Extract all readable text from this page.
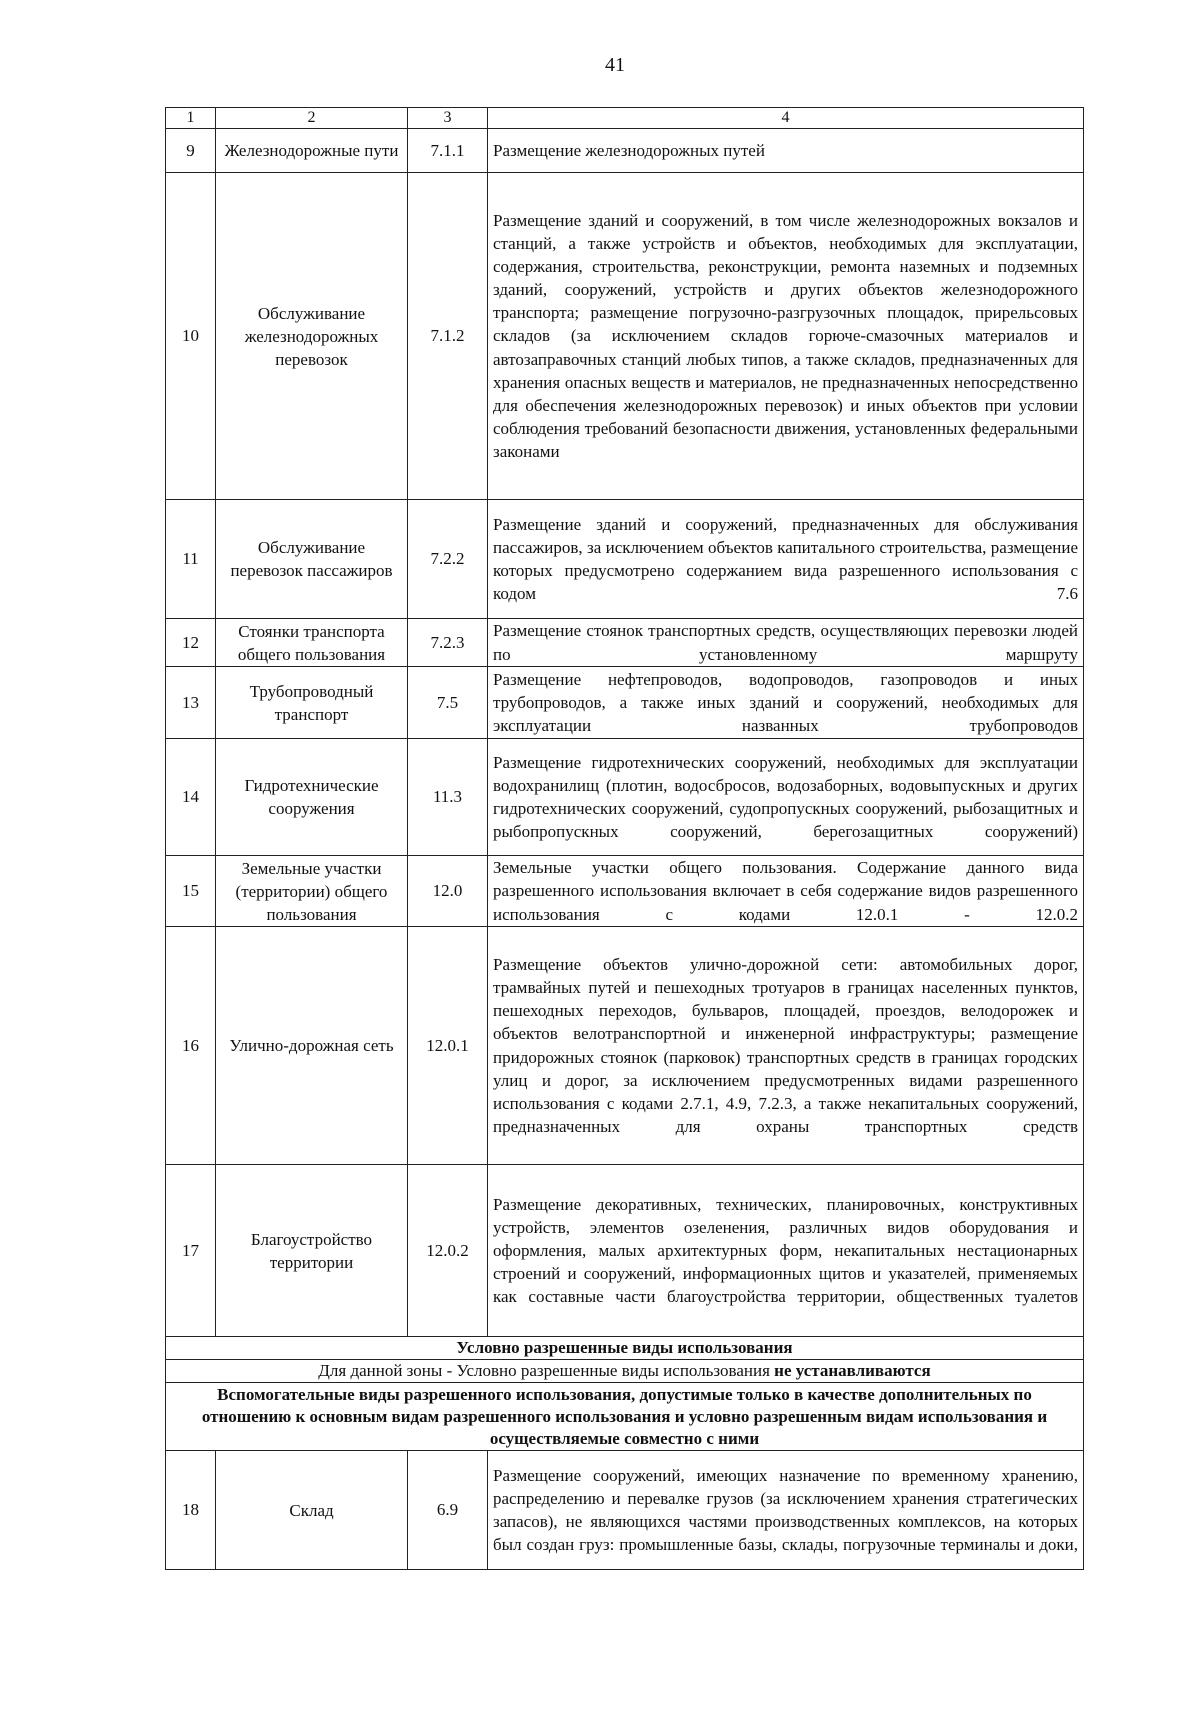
41
1	2	3	4
9	Железнодорожные пути	7.1.1	Размещение железнодорожных путей
10	Обслуживание железнодорожных перевозок	7.1.2	Размещение зданий и сооружений, в том числе железнодорожных вокзалов и станций, а также устройств и объектов, необходимых для эксплуатации, содержания, строительства, реконструкции, ремонта наземных и подземных зданий, сооружений, устройств и других объектов железнодорожного транспорта; размещение погрузочно-разгрузочных площадок, прирельсовых складов (за исключением складов горюче-смазочных материалов и автозаправочных станций любых типов, а также складов, предназначенных для хранения опасных веществ и материалов, не предназначенных непосредственно для обеспечения железнодорожных перевозок) и иных объектов при условии соблюдения требований безопасности движения, установленных федеральными законами
11	Обслуживание перевозок пассажиров	7.2.2	Размещение зданий и сооружений, предназначенных для обслуживания пассажиров, за исключением объектов капитального строительства, размещение которых предусмотрено содержанием вида разрешенного использования с кодом 7.6
12	Стоянки транспорта общего пользования	7.2.3	Размещение стоянок транспортных средств, осуществляющих перевозки людей по установленному маршруту
13	Трубопроводный транспорт	7.5	Размещение нефтепроводов, водопроводов, газопроводов и иных трубопроводов, а также иных зданий и сооружений, необходимых для эксплуатации названных трубопроводов
14	Гидротехнические сооружения	11.3	Размещение гидротехнических сооружений, необходимых для эксплуатации водохранилищ (плотин, водосбросов, водозаборных, водовыпускных и других гидротехнических сооружений, судопропускных сооружений, рыбозащитных и рыбопропускных сооружений, берегозащитных сооружений)
15	Земельные участки (территории) общего пользования	12.0	Земельные участки общего пользования. Содержание данного вида разрешенного использования включает в себя содержание видов разрешенного использования с кодами 12.0.1 - 12.0.2
16	Улично-дорожная сеть	12.0.1	Размещение объектов улично-дорожной сети: автомобильных дорог, трамвайных путей и пешеходных тротуаров в границах населенных пунктов, пешеходных переходов, бульваров, площадей, проездов, велодорожек и объектов велотранспортной и инженерной инфраструктуры; размещение придорожных стоянок (парковок) транспортных средств в границах городских улиц и дорог, за исключением предусмотренных видами разрешенного использования с кодами 2.7.1, 4.9, 7.2.3, а также некапитальных сооружений, предназначенных для охраны транспортных средств
17	Благоустройство территории	12.0.2	Размещение декоративных, технических, планировочных, конструктивных устройств, элементов озеленения, различных видов оборудования и оформления, малых архитектурных форм, некапитальных нестационарных строений и сооружений, информационных щитов и указателей, применяемых как составные части благоустройства территории, общественных туалетов
Условно разрешенные виды использования			
Для данной зоны - Условно разрешенные виды использования не устанавливаются			
Вспомогательные виды разрешенного использования, допустимые только в качестве дополнительных по отношению к основным видам разрешенного использования и условно разрешенным видам использования и осуществляемые совместно с ними			
18	Склад	6.9	Размещение сооружений, имеющих назначение по временному хранению, распределению и перевалке грузов (за исключением хранения стратегических запасов), не являющихся частями производственных комплексов, на которых был создан груз: промышленные базы, склады, погрузочные терминалы и доки,
